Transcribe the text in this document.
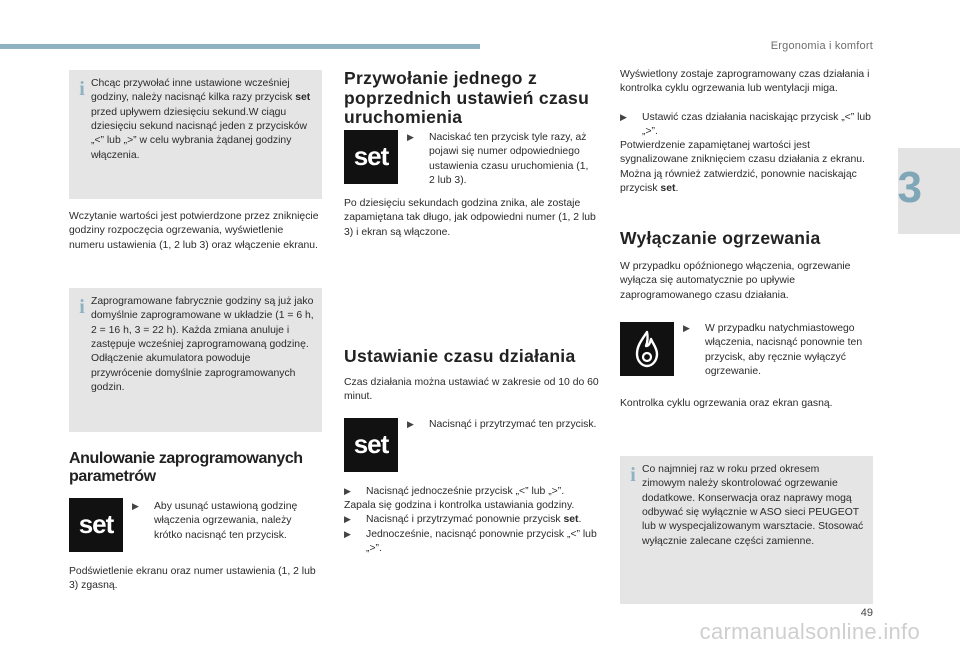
Ergonomia i komfort
3
i Chcąc przywołać inne ustawione wcześniej godziny, należy nacisnąć kilka razy przycisk set przed upływem dziesięciu sekund.W ciągu dziesięciu sekund nacisnąć jeden z przycisków „<” lub „>” w celu wybrania żądanej godziny włączenia.
Wczytanie wartości jest potwierdzone przez zniknięcie godziny rozpoczęcia ogrzewania, wyświetlenie numeru ustawienia (1, 2 lub 3) oraz włączenie ekranu.
i Zaprogramowane fabrycznie godziny są już jako domyślnie zaprogramowane w układzie (1 = 6 h, 2 = 16 h, 3 = 22 h). Każda zmiana anuluje i zastępuje wcześniej zaprogramowaną godzinę. Odłączenie akumulatora powoduje przywrócenie domyślnie zaprogramowanych godzin.
Anulowanie zaprogramowanych parametrów
set
▶ Aby usunąć ustawioną godzinę włączenia ogrzewania, należy krótko nacisnąć ten przycisk.
Podświetlenie ekranu oraz numer ustawienia (1, 2 lub 3) zgasną.
Przywołanie jednego z poprzednich ustawień czasu uruchomienia
set
▶ Naciskać ten przycisk tyle razy, aż pojawi się numer odpowiedniego ustawienia czasu uruchomienia (1, 2 lub 3).
Po dziesięciu sekundach godzina znika, ale zostaje zapamiętana tak długo, jak odpowiedni numer (1, 2 lub 3) i ekran są włączone.
Ustawianie czasu działania
Czas działania można ustawiać w zakresie od 10 do 60 minut.
set
▶ Nacisnąć i przytrzymać ten przycisk.
▶ Nacisnąć jednocześnie przycisk „<” lub „>”.
Zapala się godzina i kontrolka ustawiania godziny.
▶ Nacisnąć i przytrzymać ponownie przycisk set.
▶ Jednocześnie, nacisnąć ponownie przycisk „<” lub „>”.
Wyświetlony zostaje zaprogramowany czas działania i kontrolka cyklu ogrzewania lub wentylacji miga.
▶ Ustawić czas działania naciskając przycisk „<” lub „>”.
Potwierdzenie zapamiętanej wartości jest sygnalizowane zniknięciem czasu działania z ekranu. Można ją również zatwierdzić, ponownie naciskając przycisk set.
Wyłączanie ogrzewania
W przypadku opóźnionego włączenia, ogrzewanie wyłącza się automatycznie po upływie zaprogramowanego czasu działania.
▶ W przypadku natychmiastowego włączenia, nacisnąć ponownie ten przycisk, aby ręcznie wyłączyć ogrzewanie.
Kontrolka cyklu ogrzewania oraz ekran gasną.
i Co najmniej raz w roku przed okresem zimowym należy skontrolować ogrzewanie dodatkowe. Konserwacja oraz naprawy mogą odbywać się wyłącznie w ASO sieci PEUGEOT lub w wyspecjalizowanym warsztacie. Stosować wyłącznie zalecane części zamienne.
49
carmanualsonline.info
